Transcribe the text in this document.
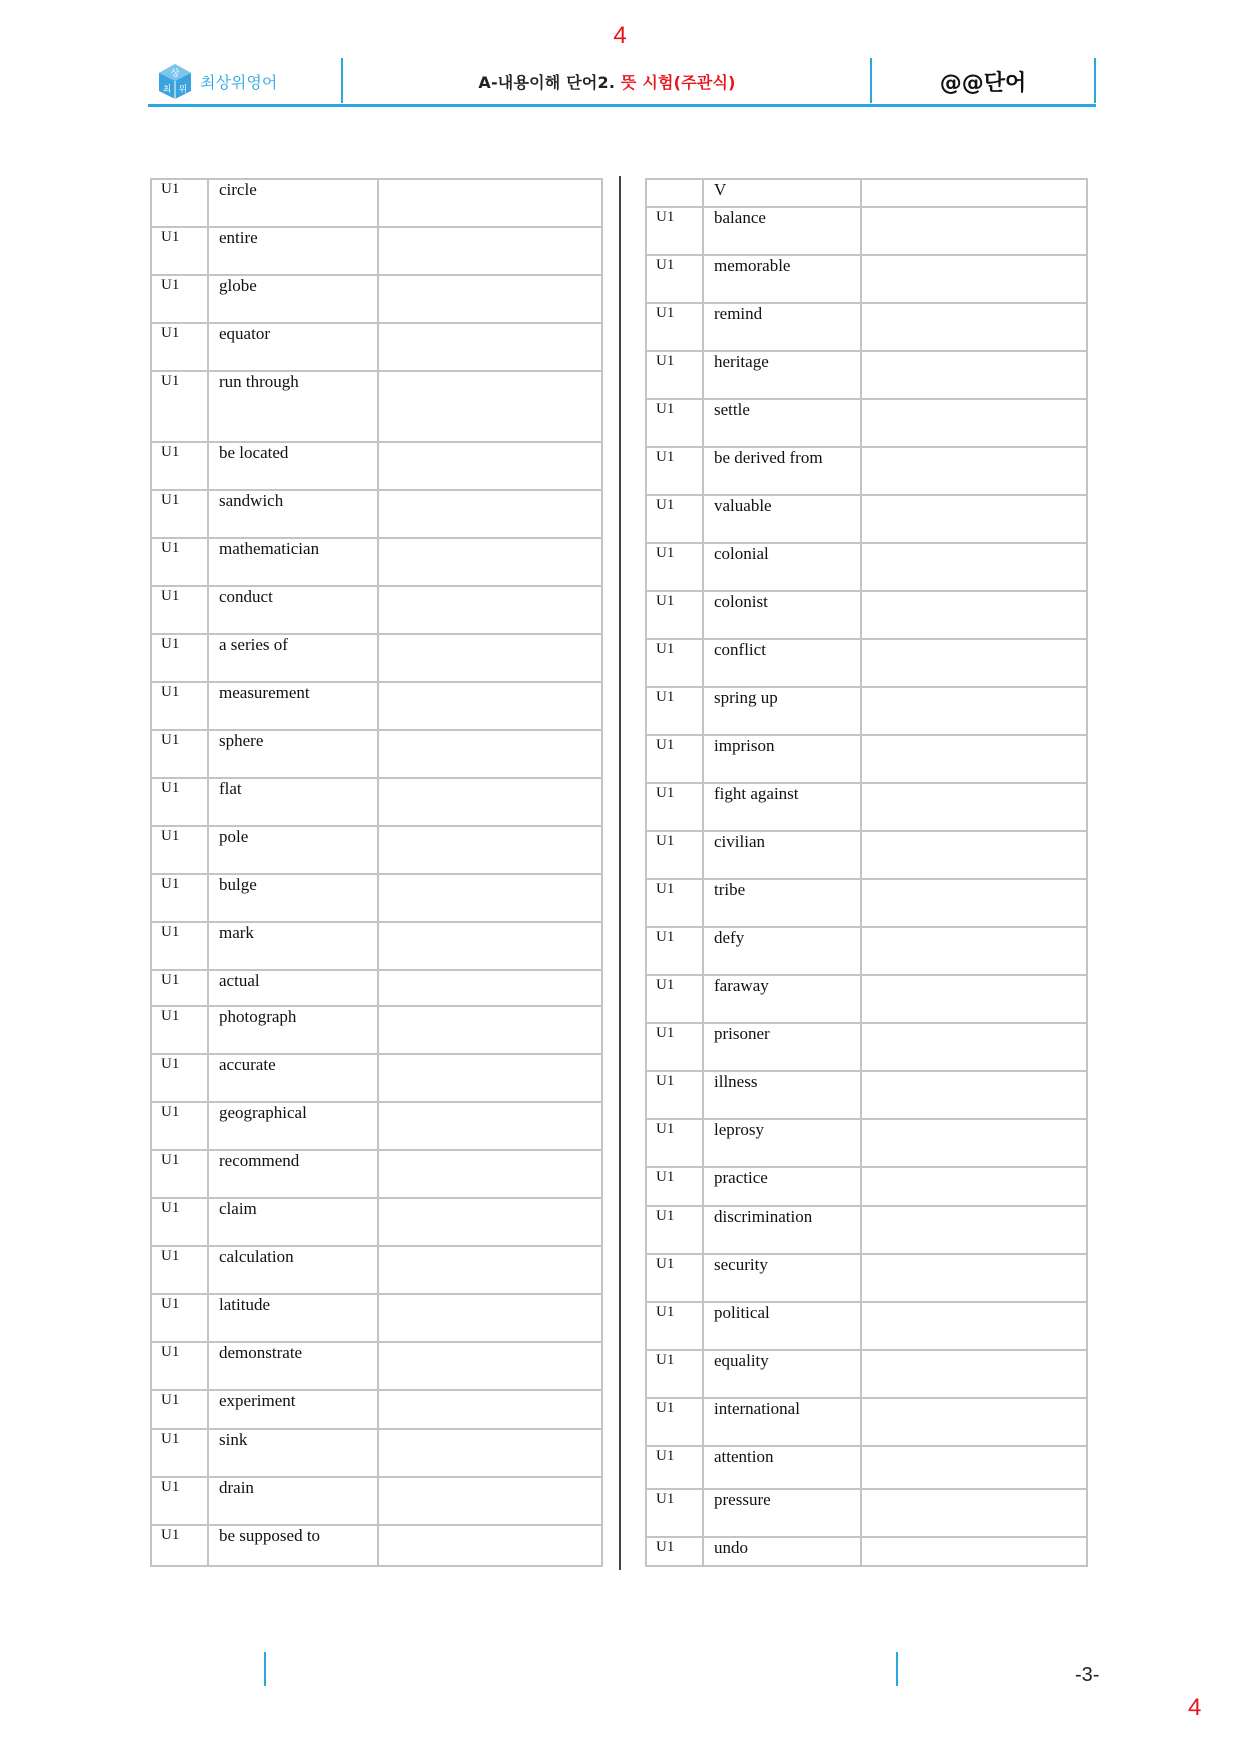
4
상
최 위 최상위영어	A-내용이해 단어2. 뜻 시험(주관식)	@@단어
U1	circle	
U1	entire	
U1	globe	
U1	equator	
U1	run through	
U1	be located	
U1	sandwich	
U1	mathematician	
U1	conduct	
U1	a series of	
U1	measurement	
U1	sphere	
U1	flat	
U1	pole	
U1	bulge	
U1	mark	
U1	actual	
U1	photograph	
U1	accurate	
U1	geographical	
U1	recommend	
U1	claim	
U1	calculation	
U1	latitude	
U1	demonstrate	
U1	experiment	
U1	sink	
U1	drain	
U1	be supposed to	
	V	
U1	balance	
U1	memorable	
U1	remind	
U1	heritage	
U1	settle	
U1	be derived from	
U1	valuable	
U1	colonial	
U1	colonist	
U1	conflict	
U1	spring up	
U1	imprison	
U1	fight against	
U1	civilian	
U1	tribe	
U1	defy	
U1	faraway	
U1	prisoner	
U1	illness	
U1	leprosy	
U1	practice	
U1	discrimination	
U1	security	
U1	political	
U1	equality	
U1	international	
U1	attention	
U1	pressure	
U1	undo	
-3-
4
